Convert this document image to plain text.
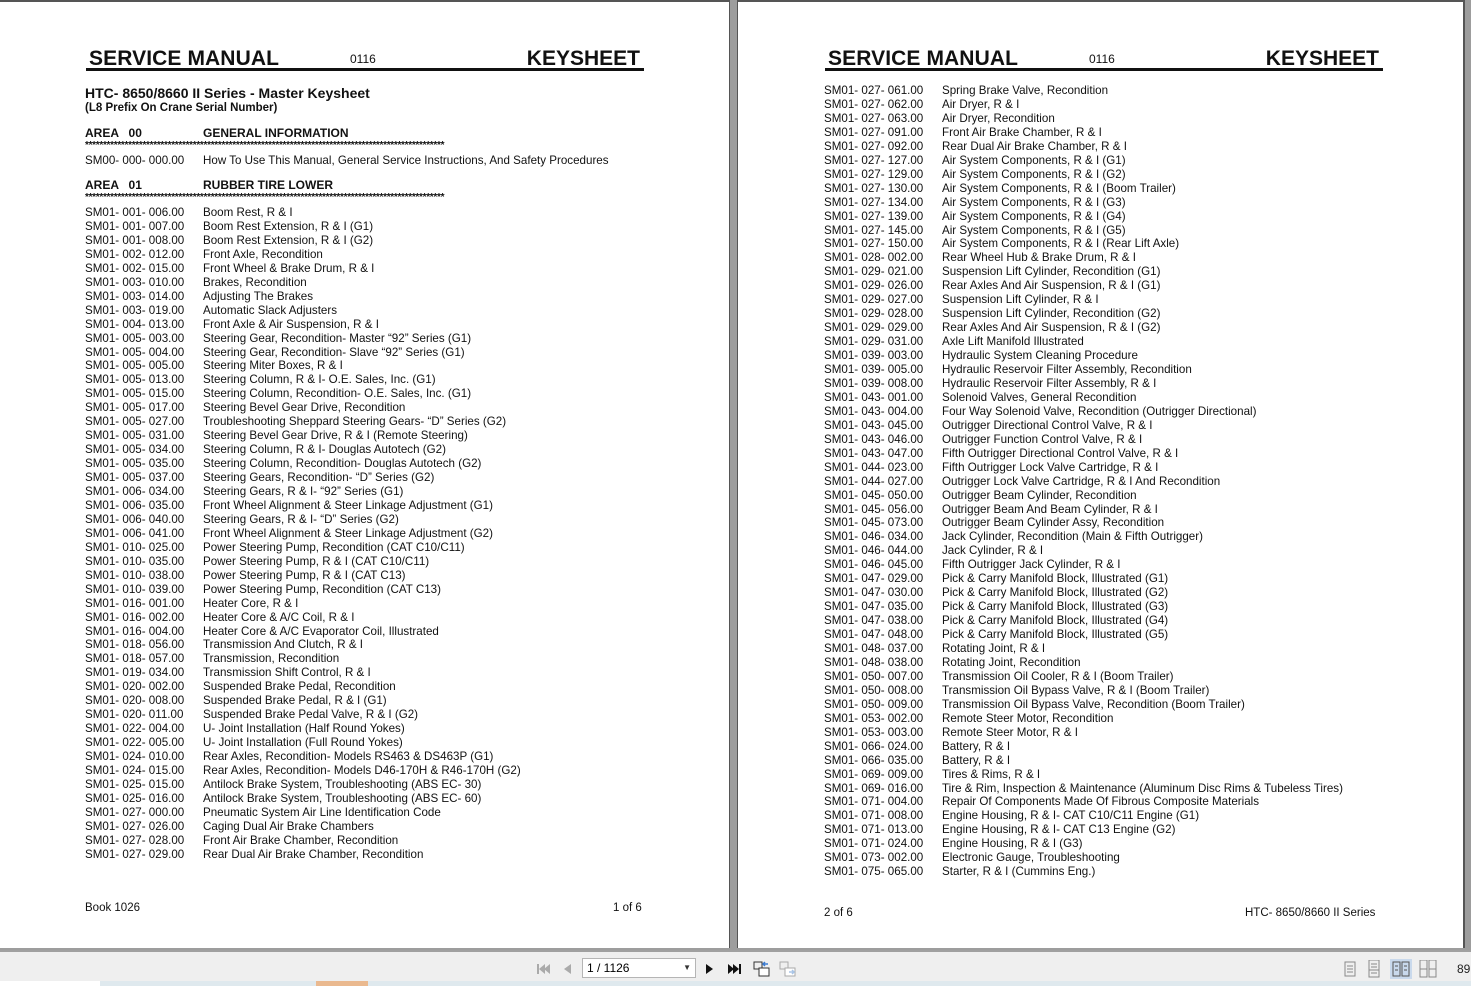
SERVICE MANUAL	0116	KEYSHEET
HTC- 8650/8660 II Series - Master Keysheet
(L8 Prefix On Crane Serial Number)
AREA   00	GENERAL INFORMATION
****************************************************************************************************
SM00- 000- 000.00 How To Use This Manual, General Service Instructions, And Safety Procedures
AREA   01	RUBBER TIRE LOWER
****************************************************************************************************
SM01- 001- 006.00 Boom Rest, R & I
SM01- 001- 007.00 Boom Rest Extension, R & I (G1)
SM01- 001- 008.00 Boom Rest Extension, R & I (G2)
SM01- 002- 012.00 Front Axle, Recondition
SM01- 002- 015.00 Front Wheel & Brake Drum, R & I
SM01- 003- 010.00 Brakes, Recondition
SM01- 003- 014.00 Adjusting The Brakes
SM01- 003- 019.00 Automatic Slack Adjusters
SM01- 004- 013.00 Front Axle & Air Suspension, R & I
SM01- 005- 003.00 Steering Gear, Recondition- Master “92” Series (G1)
SM01- 005- 004.00 Steering Gear, Recondition- Slave “92” Series (G1)
SM01- 005- 005.00 Steering Miter Boxes, R & I
SM01- 005- 013.00 Steering Column, R & I- O.E. Sales, Inc. (G1)
SM01- 005- 015.00 Steering Column, Recondition- O.E. Sales, Inc. (G1)
SM01- 005- 017.00 Steering Bevel Gear Drive, Recondition
SM01- 005- 027.00 Troubleshooting Sheppard Steering Gears- “D” Series (G2)
SM01- 005- 031.00 Steering Bevel Gear Drive, R & I (Remote Steering)
SM01- 005- 034.00 Steering Column, R & I- Douglas Autotech (G2)
SM01- 005- 035.00 Steering Column, Recondition- Douglas Autotech (G2)
SM01- 005- 037.00 Steering Gears, Recondition- “D” Series (G2)
SM01- 006- 034.00 Steering Gears, R & I- “92” Series (G1)
SM01- 006- 035.00 Front Wheel Alignment & Steer Linkage Adjustment (G1)
SM01- 006- 040.00 Steering Gears, R & I- “D” Series (G2)
SM01- 006- 041.00 Front Wheel Alignment & Steer Linkage Adjustment (G2)
SM01- 010- 025.00 Power Steering Pump, Recondition (CAT C10/C11)
SM01- 010- 035.00 Power Steering Pump, R & I (CAT C10/C11)
SM01- 010- 038.00 Power Steering Pump, R & I (CAT C13)
SM01- 010- 039.00 Power Steering Pump, Recondition (CAT C13)
SM01- 016- 001.00 Heater Core, R & I
SM01- 016- 002.00 Heater Core & A/C Coil, R & I
SM01- 016- 004.00 Heater Core & A/C Evaporator Coil, Illustrated
SM01- 018- 056.00 Transmission And Clutch, R & I
SM01- 018- 057.00 Transmission, Recondition
SM01- 019- 034.00 Transmission Shift Control, R & I
SM01- 020- 002.00 Suspended Brake Pedal, Recondition
SM01- 020- 008.00 Suspended Brake Pedal, R & I (G1)
SM01- 020- 011.00 Suspended Brake Pedal Valve, R & I (G2)
SM01- 022- 004.00 U- Joint Installation (Half Round Yokes)
SM01- 022- 005.00 U- Joint Installation (Full Round Yokes)
SM01- 024- 010.00 Rear Axles, Recondition- Models RS463 & DS463P (G1)
SM01- 024- 015.00 Rear Axles, Recondition- Models D46-170H & R46-170H (G2)
SM01- 025- 015.00 Antilock Brake System, Troubleshooting (ABS EC- 30)
SM01- 025- 016.00 Antilock Brake System, Troubleshooting (ABS EC- 60)
SM01- 027- 000.00 Pneumatic System Air Line Identification Code
SM01- 027- 026.00 Caging Dual Air Brake Chambers
SM01- 027- 028.00 Front Air Brake Chamber, Recondition
SM01- 027- 029.00 Rear Dual Air Brake Chamber, Recondition
Book 1026	1 of 6
SERVICE MANUAL	0116	KEYSHEET
SM01- 027- 061.00 Spring Brake Valve, Recondition
SM01- 027- 062.00 Air Dryer, R & I
SM01- 027- 063.00 Air Dryer, Recondition
SM01- 027- 091.00 Front Air Brake Chamber, R & I
SM01- 027- 092.00 Rear Dual Air Brake Chamber, R & I
SM01- 027- 127.00 Air System Components, R & I (G1)
SM01- 027- 129.00 Air System Components, R & I (G2)
SM01- 027- 130.00 Air System Components, R & I (Boom Trailer)
SM01- 027- 134.00 Air System Components, R & I (G3)
SM01- 027- 139.00 Air System Components, R & I (G4)
SM01- 027- 145.00 Air System Components, R & I (G5)
SM01- 027- 150.00 Air System Components, R & I (Rear Lift Axle)
SM01- 028- 002.00 Rear Wheel Hub & Brake Drum, R & I
SM01- 029- 021.00 Suspension Lift Cylinder, Recondition (G1)
SM01- 029- 026.00 Rear Axles And Air Suspension, R & I (G1)
SM01- 029- 027.00 Suspension Lift Cylinder, R & I
SM01- 029- 028.00 Suspension Lift Cylinder, Recondition (G2)
SM01- 029- 029.00 Rear Axles And Air Suspension, R & I (G2)
SM01- 029- 031.00 Axle Lift Manifold Illustrated
SM01- 039- 003.00 Hydraulic System Cleaning Procedure
SM01- 039- 005.00 Hydraulic Reservoir Filter Assembly, Recondition
SM01- 039- 008.00 Hydraulic Reservoir Filter Assembly, R & I
SM01- 043- 001.00 Solenoid Valves, General Recondition
SM01- 043- 004.00 Four Way Solenoid Valve, Recondition (Outrigger Directional)
SM01- 043- 045.00 Outrigger Directional Control Valve, R & I
SM01- 043- 046.00 Outrigger Function Control Valve, R & I
SM01- 043- 047.00 Fifth Outrigger Directional Control Valve, R & I
SM01- 044- 023.00 Fifth Outrigger Lock Valve Cartridge, R & I
SM01- 044- 027.00 Outrigger Lock Valve Cartridge, R & I And Recondition
SM01- 045- 050.00 Outrigger Beam Cylinder, Recondition
SM01- 045- 056.00 Outrigger Beam And Beam Cylinder, R & I
SM01- 045- 073.00 Outrigger Beam Cylinder Assy, Recondition
SM01- 046- 034.00 Jack Cylinder, Recondition (Main & Fifth Outrigger)
SM01- 046- 044.00 Jack Cylinder, R & I
SM01- 046- 045.00 Fifth Outrigger Jack Cylinder, R & I
SM01- 047- 029.00 Pick & Carry Manifold Block, Illustrated (G1)
SM01- 047- 030.00 Pick & Carry Manifold Block, Illustrated (G2)
SM01- 047- 035.00 Pick & Carry Manifold Block, Illustrated (G3)
SM01- 047- 038.00 Pick & Carry Manifold Block, Illustrated (G4)
SM01- 047- 048.00 Pick & Carry Manifold Block, Illustrated (G5)
SM01- 048- 037.00 Rotating Joint, R & I
SM01- 048- 038.00 Rotating Joint, Recondition
SM01- 050- 007.00 Transmission Oil Cooler, R & I (Boom Trailer)
SM01- 050- 008.00 Transmission Oil Bypass Valve, R & I (Boom Trailer)
SM01- 050- 009.00 Transmission Oil Bypass Valve, Recondition (Boom Trailer)
SM01- 053- 002.00 Remote Steer Motor, Recondition
SM01- 053- 003.00 Remote Steer Motor, R & I
SM01- 066- 024.00 Battery, R & I
SM01- 066- 035.00 Battery, R & I
SM01- 069- 009.00 Tires & Rims, R & I
SM01- 069- 016.00 Tire & Rim, Inspection & Maintenance (Aluminum Disc Rims & Tubeless Tires)
SM01- 071- 004.00 Repair Of Components Made Of Fibrous Composite Materials
SM01- 071- 008.00 Engine Housing, R & I- CAT C10/C11 Engine (G1)
SM01- 071- 013.00 Engine Housing, R & I- CAT C13 Engine (G2)
SM01- 071- 024.00 Engine Housing, R & I (G3)
SM01- 073- 002.00 Electronic Gauge, Troubleshooting
SM01- 075- 065.00 Starter, R & I (Cummins Eng.)
2 of 6	HTC- 8650/8660 II Series
1 / 1126	▼	89
